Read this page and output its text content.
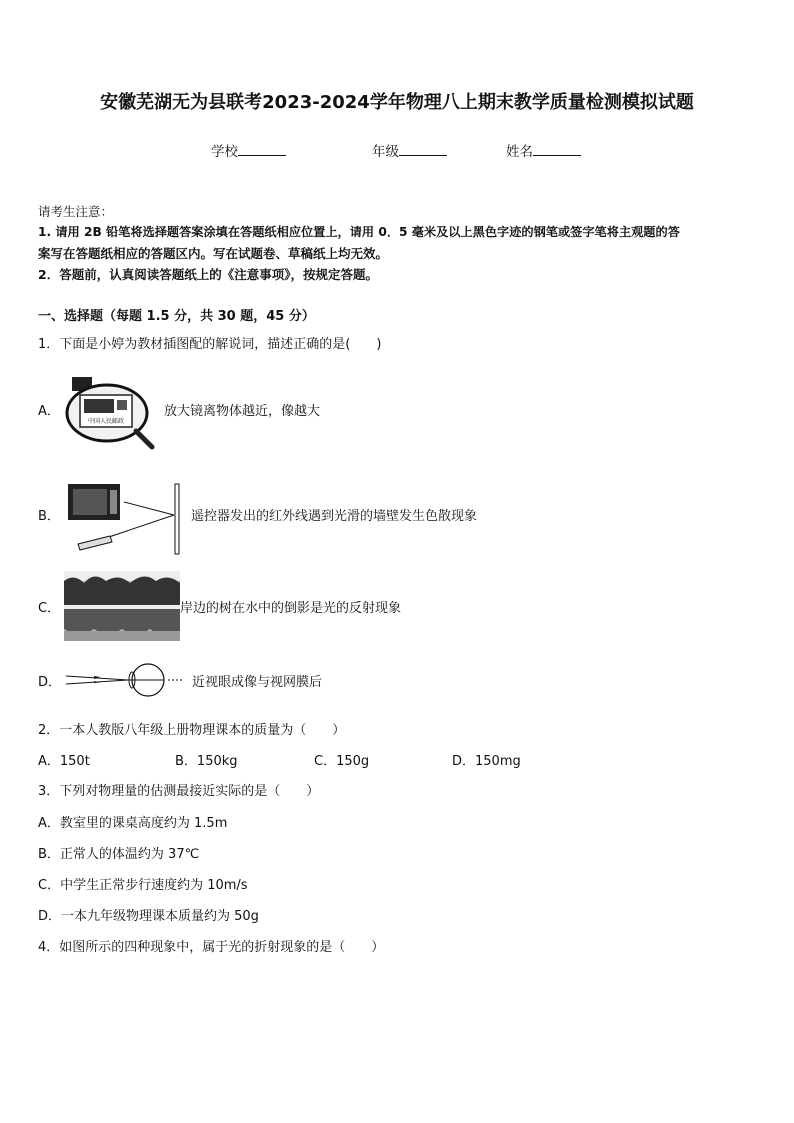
安徽芜湖无为县联考2023-2024学年物理八上期末教学质量检测模拟试题
学校	年级	姓名
请考生注意：
1. 请用 2B 铅笔将选择题答案涂填在答题纸相应位置上，请用 0．5 毫米及以上黑色字迹的钢笔或签字笔将主观题的答
案写在答题纸相应的答题区内。写在试题卷、草稿纸上均无效。
2．答题前，认真阅读答题纸上的《注意事项》，按规定答题。
一、选择题（每题 1.5 分，共 30 题，45 分）
1．下面是小婷为教材插图配的解说词，描述正确的是(　　)
A．
中国人民邮政
放大镜离物体越近，像越大
B．	遥控器发出的红外线遇到光滑的墙壁发生色散现象
C．	岸边的树在水中的倒影是光的反射现象
D．	近视眼成像与视网膜后
2．一本人教版八年级上册物理课本的质量为（　　）
A．150t	B．150kg	C．150g	D．150mg
3．下列对物理量的估测最接近实际的是（　　）
A．教室里的课桌高度约为 1.5m
B．正常人的体温约为 37℃
C．中学生正常步行速度约为 10m/s
D．一本九年级物理课本质量约为 50g
4．如图所示的四种现象中，属于光的折射现象的是（　　）
